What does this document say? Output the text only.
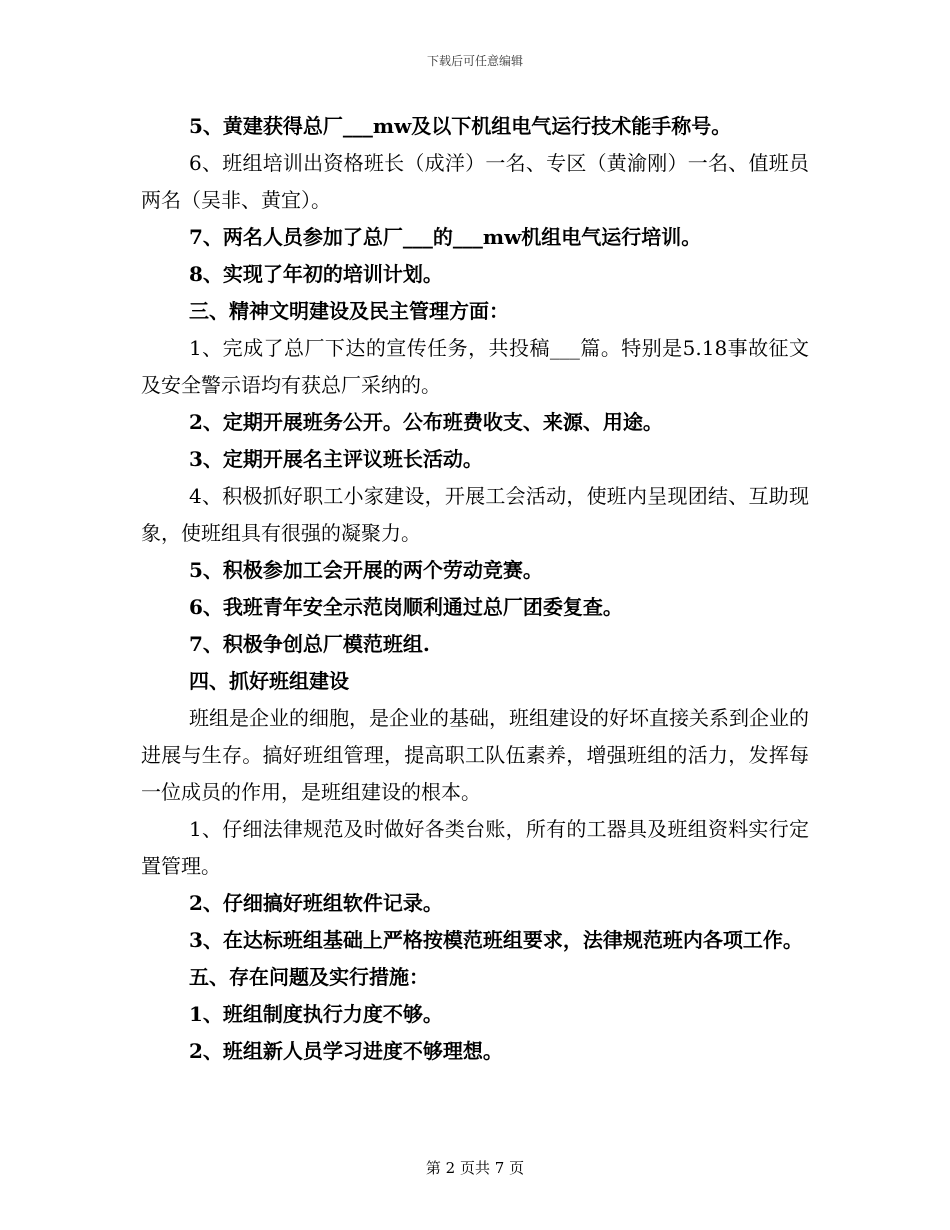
下载后可任意编辑

5、黄建获得总厂___mw及以下机组电气运行技术能手称号。

6、班组培训出资格班长（成洋）一名、专区（黄渝刚）一名、值班员两名（吴非、黄宜）。

7、两名人员参加了总厂___的___mw机组电气运行培训。

8、实现了年初的培训计划。

三、精神文明建设及民主管理方面：

1、完成了总厂下达的宣传任务，共投稿___篇。特别是5.18事故征文及安全警示语均有获总厂采纳的。

2、定期开展班务公开。公布班费收支、来源、用途。

3、定期开展名主评议班长活动。

4、积极抓好职工小家建设，开展工会活动，使班内呈现团结、互助现象，使班组具有很强的凝聚力。

5、积极参加工会开展的两个劳动竞赛。

6、我班青年安全示范岗顺利通过总厂团委复查。

7、积极争创总厂模范班组.

四、抓好班组建设

班组是企业的细胞，是企业的基础，班组建设的好坏直接关系到企业的进展与生存。搞好班组管理，提高职工队伍素养，增强班组的活力，发挥每一位成员的作用，是班组建设的根本。

1、仔细法律规范及时做好各类台账，所有的工器具及班组资料实行定置管理。

2、仔细搞好班组软件记录。

3、在达标班组基础上严格按模范班组要求，法律规范班内各项工作。

五、存在问题及实行措施：

1、班组制度执行力度不够。

2、班组新人员学习进度不够理想。

第 2 页共 7 页
